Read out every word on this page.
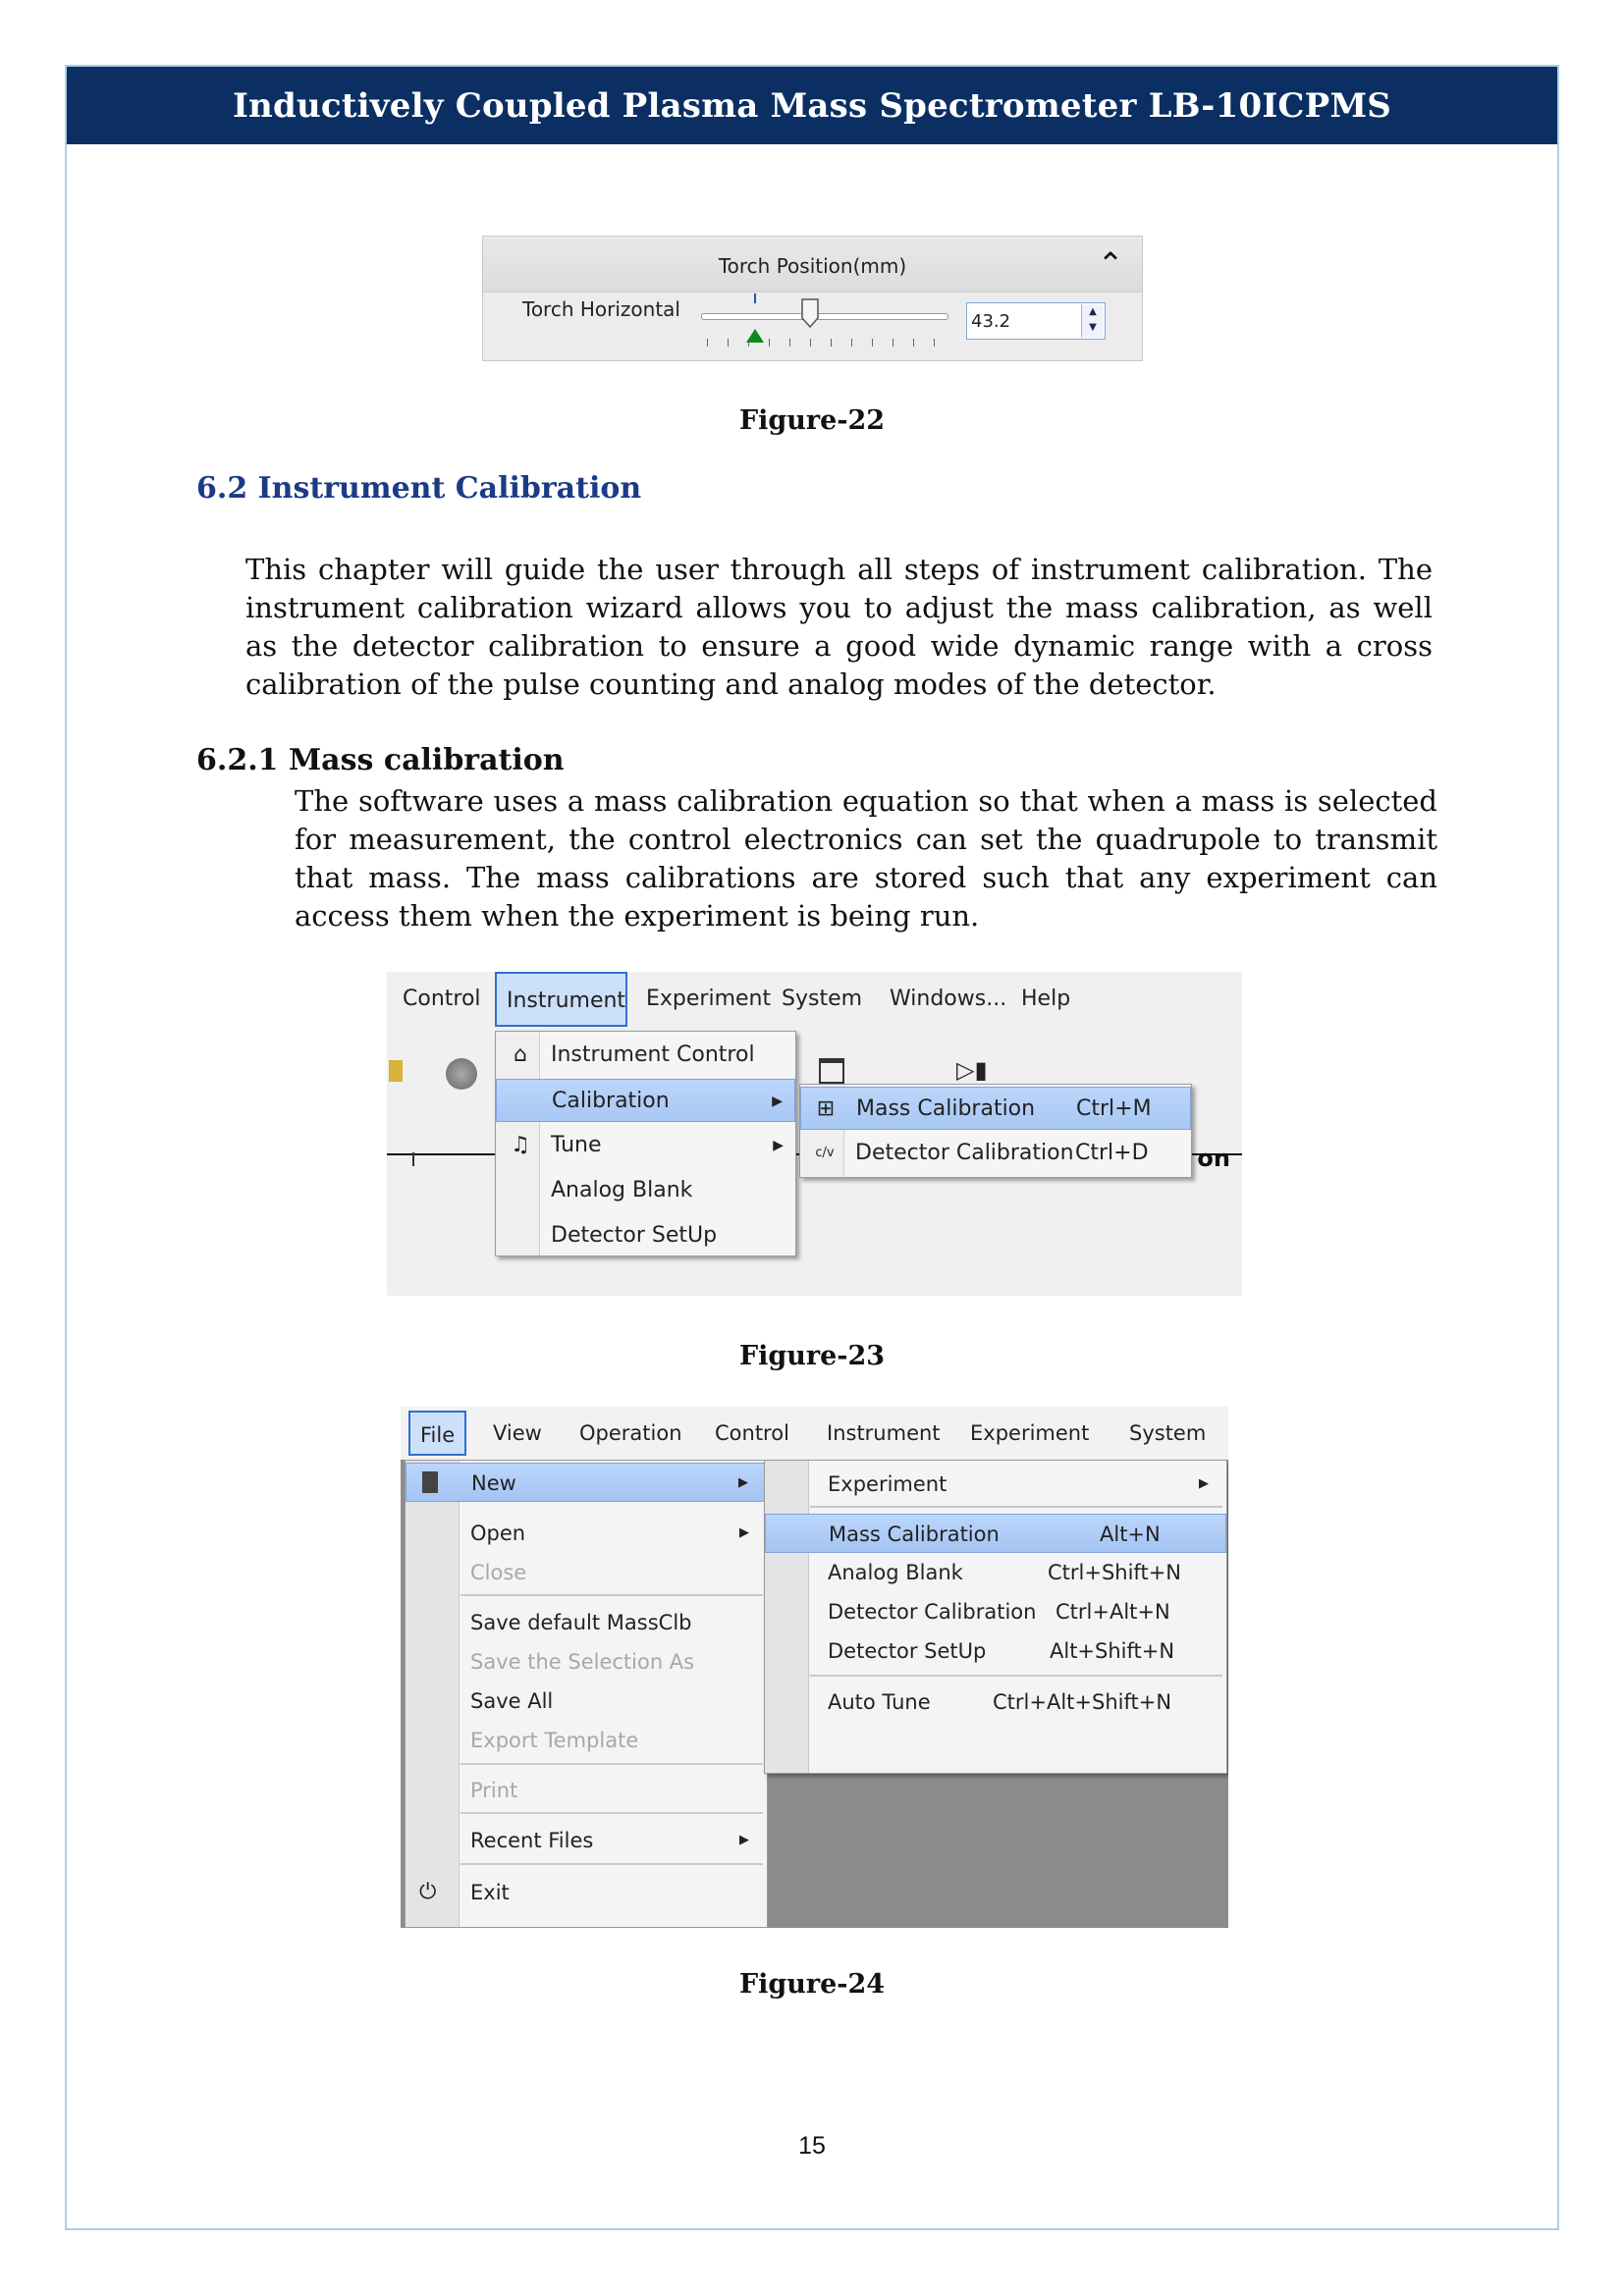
Inductively Coupled Plasma Mass Spectrometer LB-10ICPMS
Torch Position(mm)	⌃
Torch Horizontal
43.2	▲
▼
Figure-22
6.2 Instrument Calibration
This chapter will guide the user through all steps of instrument calibration. The instrument calibration wizard allows you to adjust the mass calibration, as well as the detector calibration to ensure a good wide dynamic range with a cross calibration of the pulse counting and analog modes of the detector.
6.2.1 Mass calibration
The software uses a mass calibration equation so that when a mass is selected for measurement, the control electronics can set the quadrupole to transmit that mass. The mass calibrations are stored such that any experiment can access them when the experiment is being run.
Control	Instrument Experiment System	Windows... Help
▷▮
on
⌂	Instrument Control
Calibration	▶
♫ Tune	▶
Analog Blank
Detector SetUp
⊞ Mass Calibration Ctrl+M
c/v Detector Calibration Ctrl+D
Figure-23
File	View	Operation	Control	Instrument	Experiment	System
New	▶
Open	▶
Close
Save default MassClb
Save the Selection As
Save All
Export Template
Print
Recent Files	▶
⏻ Exit
Experiment	▶
Mass Calibration	Alt+N
Analog Blank	Ctrl+Shift+N
Detector Calibration Ctrl+Alt+N
Detector SetUp	Alt+Shift+N
Auto Tune	Ctrl+Alt+Shift+N
Figure-24
15
